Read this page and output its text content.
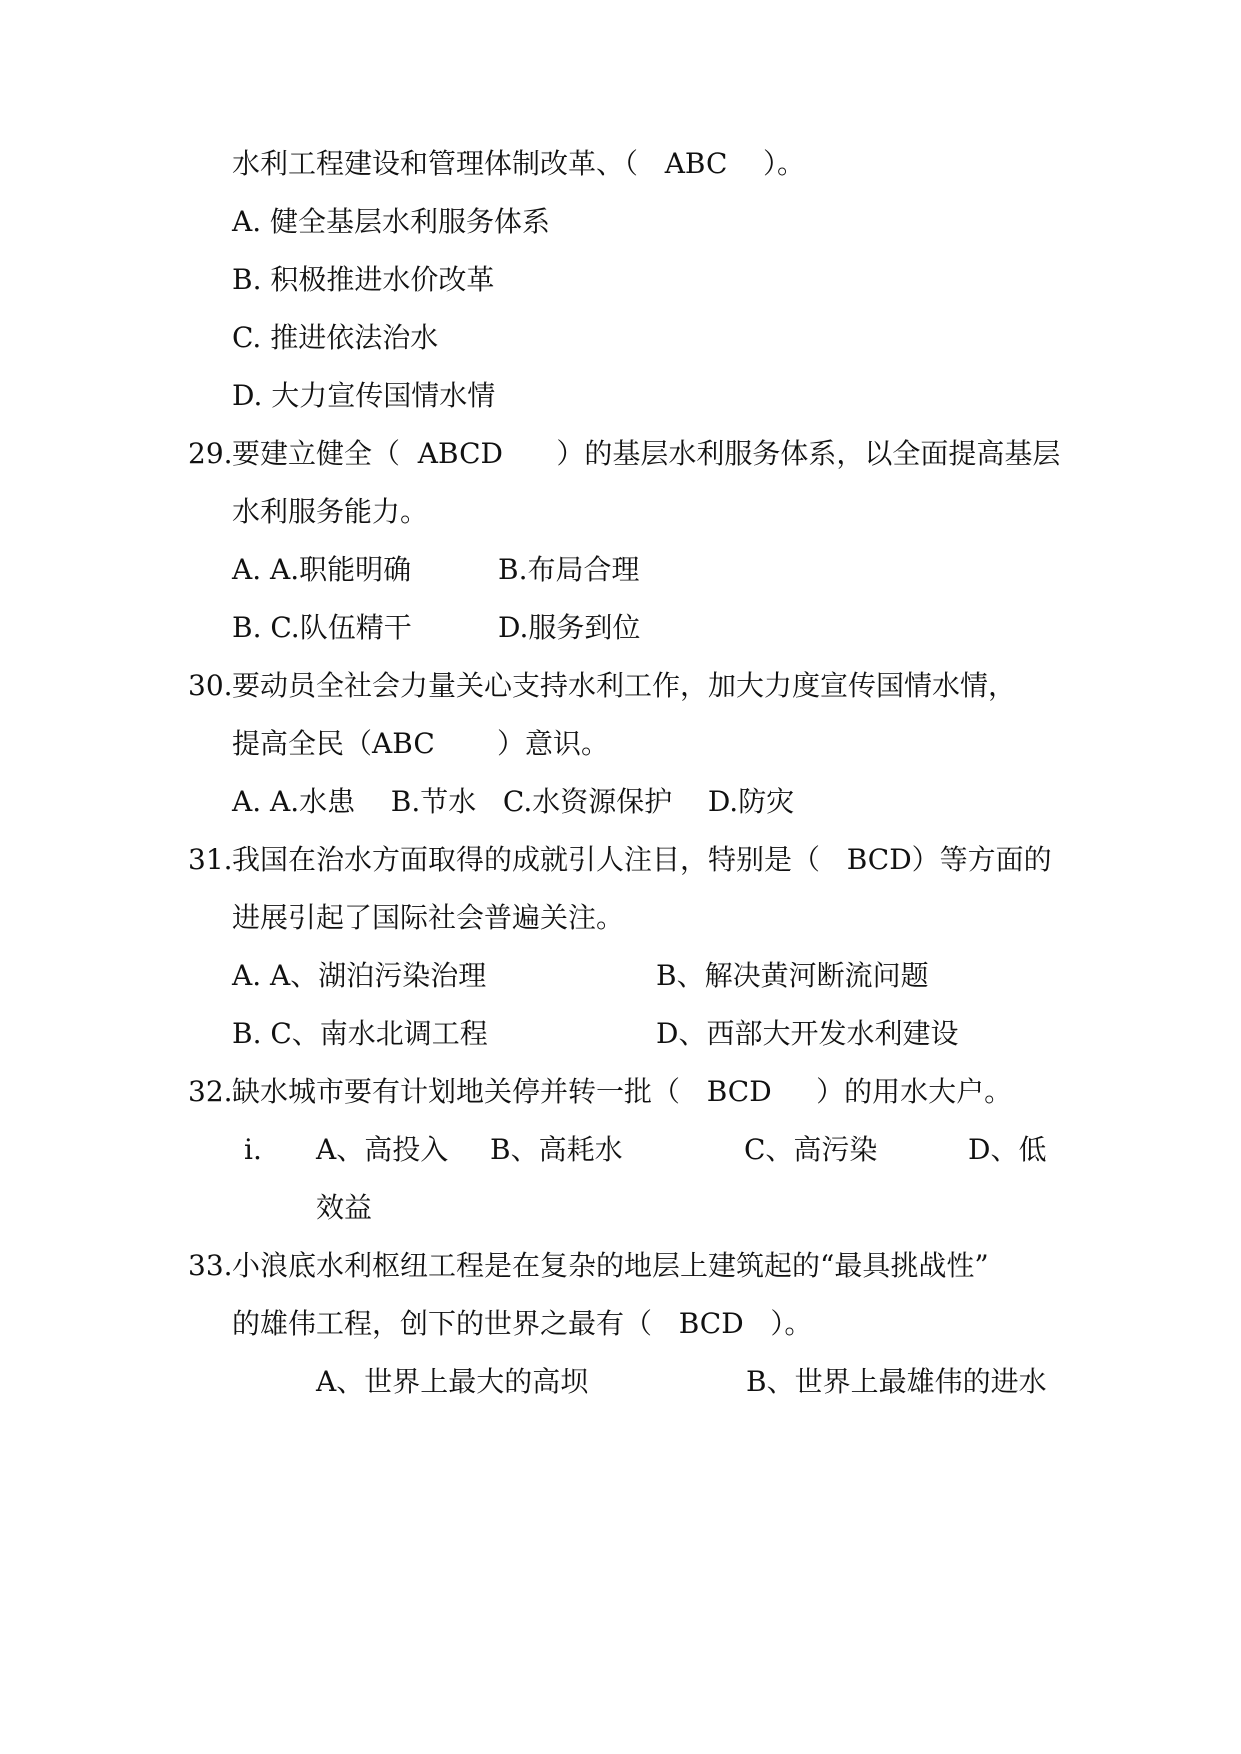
水利工程建设和管理体制改革、（   ABC    ）。

A. 健全基层水利服务体系

B. 积极推进水价改革

C. 推进依法治水

D. 大力宣传国情水情

29.

要建立健全（  ABCD      ）的基层水利服务体系，以全面提高基层

水利服务能力。

A. A.职能明确

	B.布局合理

B. C.队伍精干

	D.服务到位

30.

要动员全社会力量关心支持水利工作，加大力度宣传国情水情，

提高全民（ABC       ）意识。

A. A.水患    B.节水   C.水资源保护    D.防灾

31.

我国在治水方面取得的成就引人注目，特别是（   BCD）等方面的

进展引起了国际社会普遍关注。

A. A、湖泊污染治理

	B、解决黄河断流问题

B. C、南水北调工程

	D、西部大开发水利建设

32.

缺水城市要有计划地关停并转一批（   BCD     ）的用水大户。

i.

A、高投入

B、高耗水

	C、高污染

	D、低

效益

33.

小浪底水利枢纽工程是在复杂的地层上建筑起的“最具挑战性”

的雄伟工程，创下的世界之最有（   BCD   ）。

A、世界上最大的高坝

	B、世界上最雄伟的进水
